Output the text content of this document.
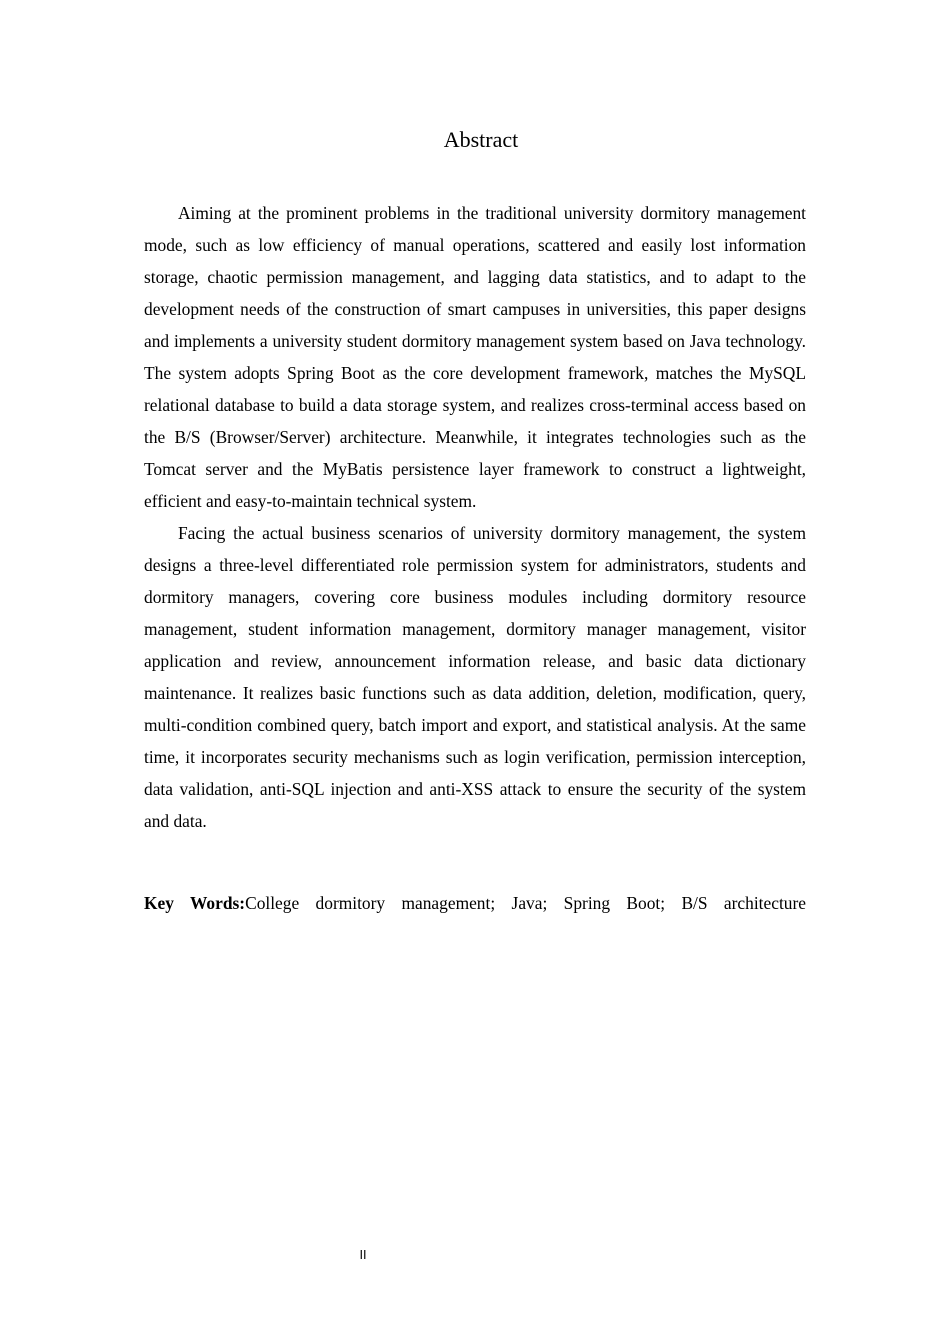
Abstract

Aiming at the prominent problems in the traditional university dormitory management mode, such as low efficiency of manual operations, scattered and easily lost information storage, chaotic permission management, and lagging data statistics, and to adapt to the development needs of the construction of smart campuses in universities, this paper designs and implements a university student dormitory management system based on Java technology. The system adopts Spring Boot as the core development framework, matches the MySQL relational database to build a data storage system, and realizes cross-terminal access based on the B/S (Browser/Server) architecture. Meanwhile, it integrates technologies such as the Tomcat server and the MyBatis persistence layer framework to construct a lightweight, efficient and easy-to-maintain technical system.

Facing the actual business scenarios of university dormitory management, the system designs a three-level differentiated role permission system for administrators, students and dormitory managers, covering core business modules including dormitory resource management, student information management, dormitory manager management, visitor application and review, announcement information release, and basic data dictionary maintenance. It realizes basic functions such as data addition, deletion, modification, query, multi-condition combined query, batch import and export, and statistical analysis. At the same time, it incorporates security mechanisms such as login verification, permission interception, data validation, anti-SQL injection and anti-XSS attack to ensure the security of the system and data.

Key Words:College dormitory management; Java; Spring Boot; B/S architecture

II
